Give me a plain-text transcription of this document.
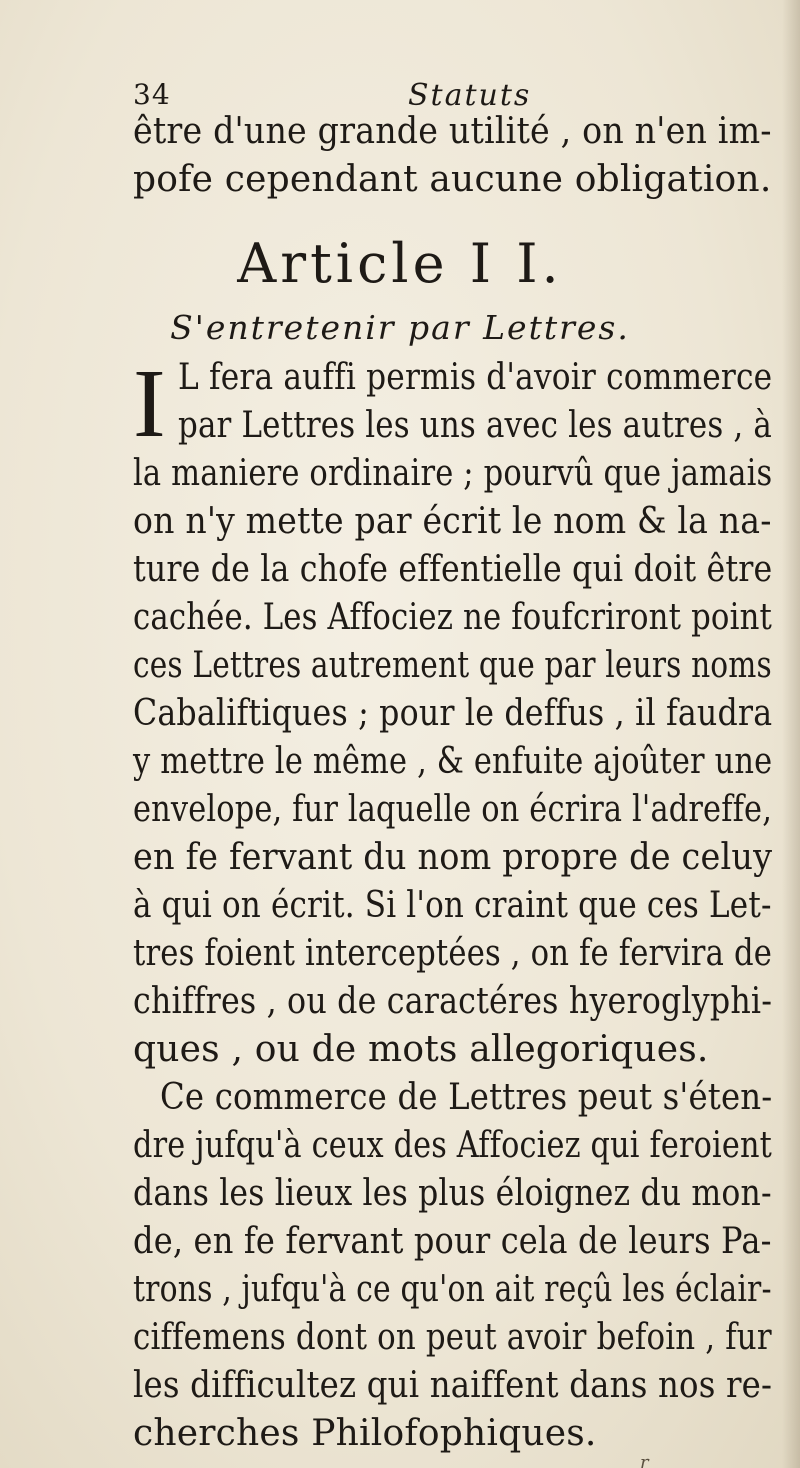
34	Statuts
être d'une grande utilité , on n'en im-
pofe cependant aucune obligation.
Article I I.
S'entretenir par Lettres.
I L fera auffi permis d'avoir commerce
par Lettres les uns avec les autres , à
la maniere ordinaire ; pourvû que jamais
on n'y mette par écrit le nom & la na-
ture de la chofe effentielle qui doit être
cachée. Les Affociez ne foufcriront point
ces Lettres autrement que par leurs noms
Cabaliftiques ; pour le deffus , il faudra
y mettre le même , & enfuite ajoûter une
envelope, fur laquelle on écrira l'adreffe,
en fe fervant du nom propre de celuy
à qui on écrit. Si l'on craint que ces Let-
tres foient interceptées , on fe fervira de
chiffres , ou de caractéres hyeroglyphi-
ques , ou de mots allegoriques.
Ce commerce de Lettres peut s'éten-
dre jufqu'à ceux des Affociez qui feroient
dans les lieux les plus éloignez du mon-
de, en fe fervant pour cela de leurs Pa-
trons , jufqu'à ce qu'on ait reçû les éclair-
ciffemens dont on peut avoir befoin , fur
les difficultez qui naiffent dans nos re-
cherches Philofophiques.
r
